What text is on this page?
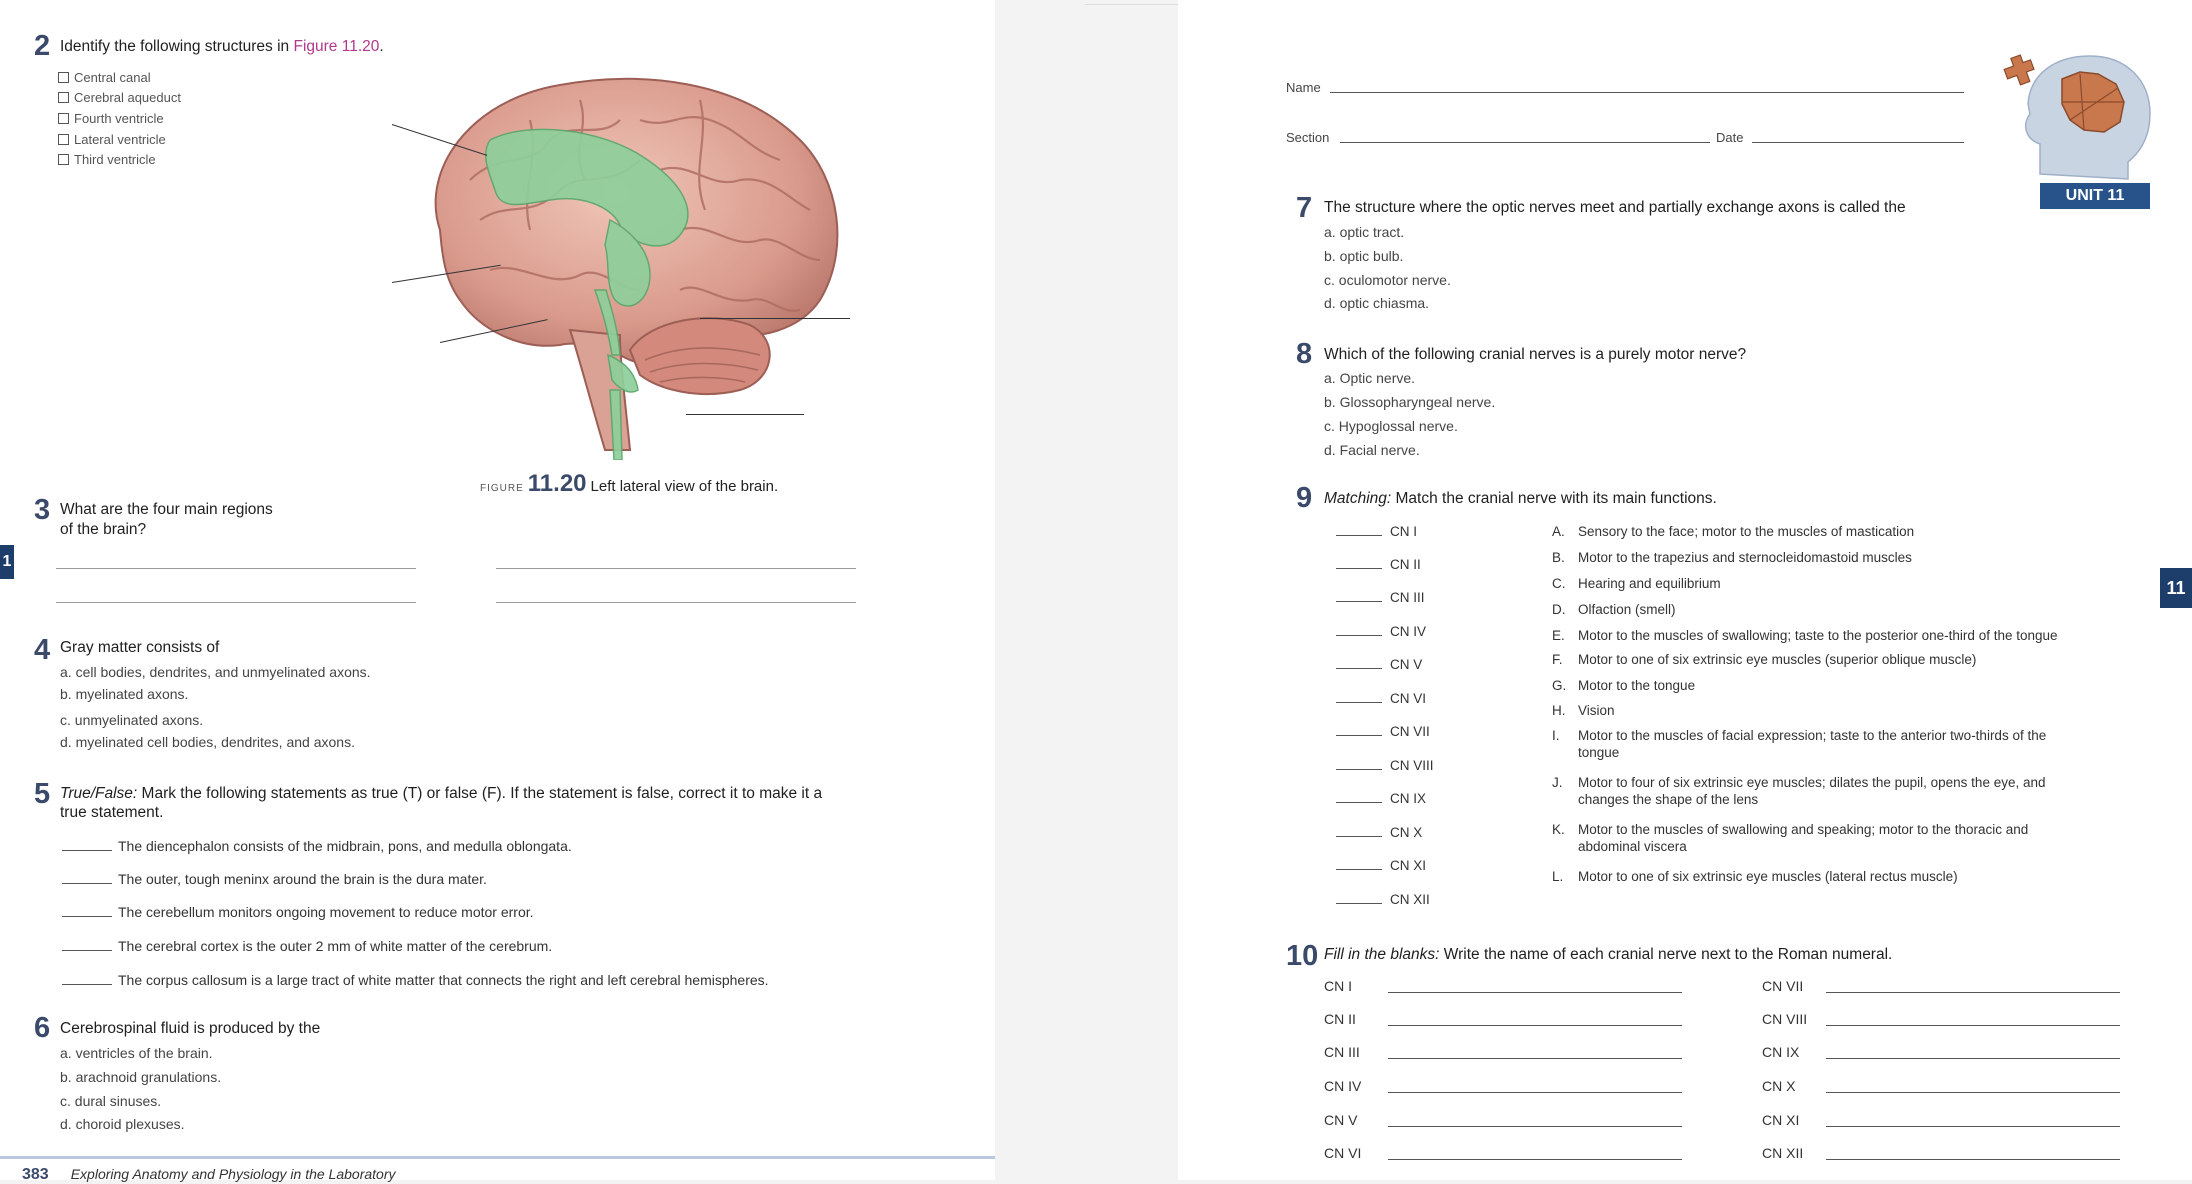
2 Identify the following structures in Figure 11.20.
Central canal
Cerebral aqueduct
Fourth ventricle
Lateral ventricle
Third ventricle
FIGURE 11.20 Left lateral view of the brain.
3 What are the four main regions
of the brain?
4 Gray matter consists of
a. cell bodies, dendrites, and unmyelinated axons.
b. myelinated axons.
c. unmyelinated axons.
d. myelinated cell bodies, dendrites, and axons.
5 True/False: Mark the following statements as true (T) or false (F). If the statement is false, correct it to make it a
true statement.
The diencephalon consists of the midbrain, pons, and medulla oblongata.
The outer, tough meninx around the brain is the dura mater.
The cerebellum monitors ongoing movement to reduce motor error.
The cerebral cortex is the outer 2 mm of white matter of the cerebrum.
The corpus callosum is a large tract of white matter that connects the right and left cerebral hemispheres.
6 Cerebrospinal fluid is produced by the
a. ventricles of the brain.
b. arachnoid granulations.
c. dural sinuses.
d. choroid plexuses.
383 Exploring Anatomy and Physiology in the Laboratory
1
Name
Section	Date
UNIT 11
11
7 The structure where the optic nerves meet and partially exchange axons is called the
a. optic tract.
b. optic bulb.
c. oculomotor nerve.
d. optic chiasma.
8 Which of the following cranial nerves is a purely motor nerve?
a. Optic nerve.
b. Glossopharyngeal nerve.
c. Hypoglossal nerve.
d. Facial nerve.
9 Matching: Match the cranial nerve with its main functions.
CN I
CN II
CN III
CN IV
CN V
CN VI
CN VII
CN VIII
CN IX
CN X
CN XI
CN XII
A. Sensory to the face; motor to the muscles of mastication
B. Motor to the trapezius and sternocleidomastoid muscles
C. Hearing and equilibrium
D. Olfaction (smell)
E. Motor to the muscles of swallowing; taste to the posterior one-third of the tongue
F. Motor to one of six extrinsic eye muscles (superior oblique muscle)
G. Motor to the tongue
H. Vision
I. Motor to the muscles of facial expression; taste to the anterior two-thirds of the
tongue
J. Motor to four of six extrinsic eye muscles; dilates the pupil, opens the eye, and
changes the shape of the lens
K. Motor to the muscles of swallowing and speaking; motor to the thoracic and
abdominal viscera
L. Motor to one of six extrinsic eye muscles (lateral rectus muscle)
10 Fill in the blanks: Write the name of each cranial nerve next to the Roman numeral.
CN I
CN II
CN III
CN IV
CN V
CN VI
CN VII
CN VIII
CN IX
CN X
CN XI
CN XII
